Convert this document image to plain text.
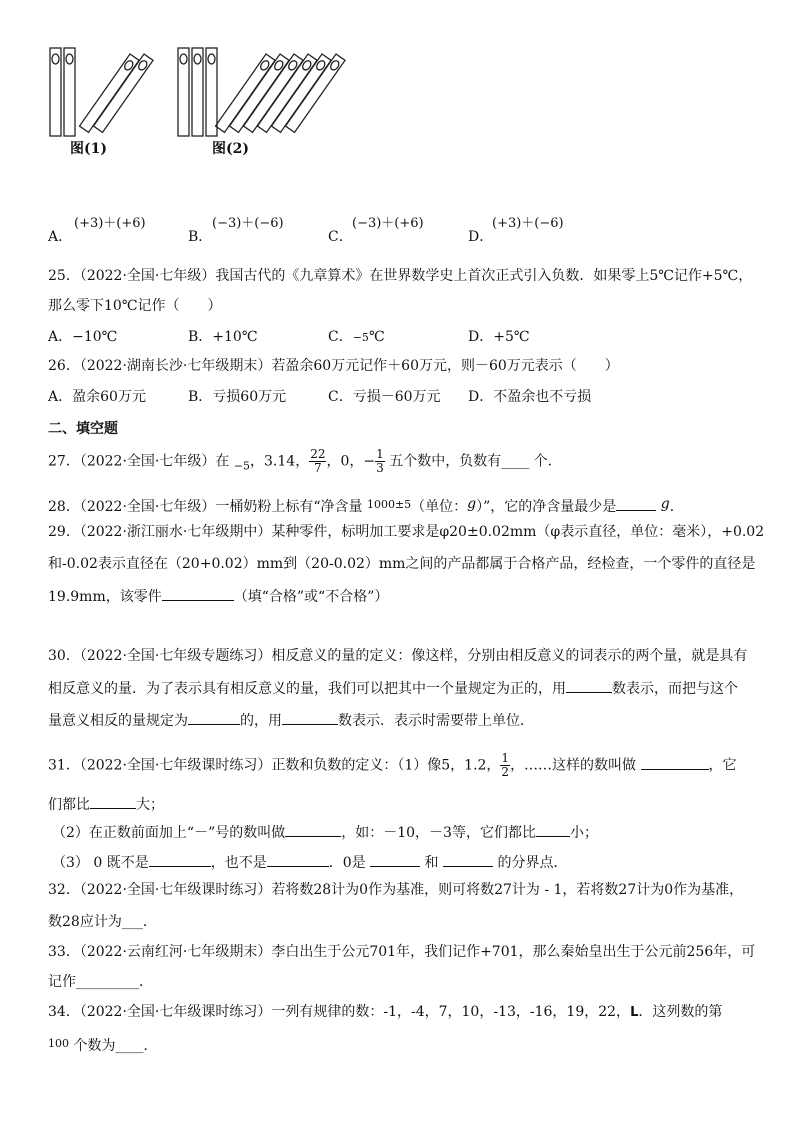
图(1)	图(2)
A．
(+3)＋(+6)
B．
(−3)＋(−6)
C．
(−3)＋(+6)
D．
(+3)＋(−6)
25．（2022·全国·七年级）我国古代的《九章算术》在世界数学史上首次正式引入负数．如果零上5℃记作+5℃，
那么零下10℃记作（　　）
A．−10℃	B．+10℃	C．−5℃	D．+5℃
26．（2022·湖南长沙·七年级期末）若盈余60万元记作＋60万元，则－60万元表示（　　）
A．盈余60万元	B．亏损60万元	C．亏损－60万元 D．不盈余也不亏损
二、填空题
27．（2022·全国·七年级）在 $_{-5}$，3.14， $\frac{22}{7}$ ，0，− $\frac{1}{3}$ 五个数中，负数有____ 个．
28．（2022·全国·七年级）一桶奶粉上标有“净含量 $^{1000\pm 5}$（单位：g）”，它的净含量最少是	g．
29．（2022·浙江丽水·七年级期中）某种零件，标明加工要求是φ20±0.02mm（φ表示直径，单位：毫米），+0.02
和-0.02表示直径在（20+0.02）mm到（20-0.02）mm之间的产品都属于合格产品，经检查，一个零件的直径是
19.9mm，该零件	（填“合格”或“不合格”）
30．（2022·全国·七年级专题练习）相反意义的量的定义：像这样，分别由相反意义的词表示的两个量，就是具有
相反意义的量．为了表示具有相反意义的量，我们可以把其中一个量规定为正的，用	数表示，而把与这个
量意义相反的量规定为	的，用	数表示．表示时需要带上单位．
31．（2022·全国·七年级课时练习）正数和负数的定义：（1）像5，1.2， $\frac{1}{2}$ ，……这样的数叫做	，它
们都比	大；
（2）在正数前面加上“－”号的数叫做	，如：－10，－3等，它们都比 小；
（3） 0 既不是	，也不是	．0是	和	的分界点．
32．（2022·全国·七年级课时练习）若将数28计为0作为基准，则可将数27计为 - 1，若将数27计为0作为基准，
数28应计为___．
33．（2022·云南红河·七年级期末）李白出生于公元701年，我们记作+701，那么秦始皇出生于公元前256年，可
记作_________．
34．（2022·全国·七年级课时练习）一列有规律的数：-1，-4，7，10，-13，-16，19，22，L．这列数的第
$^{100}$ 个数为____．
